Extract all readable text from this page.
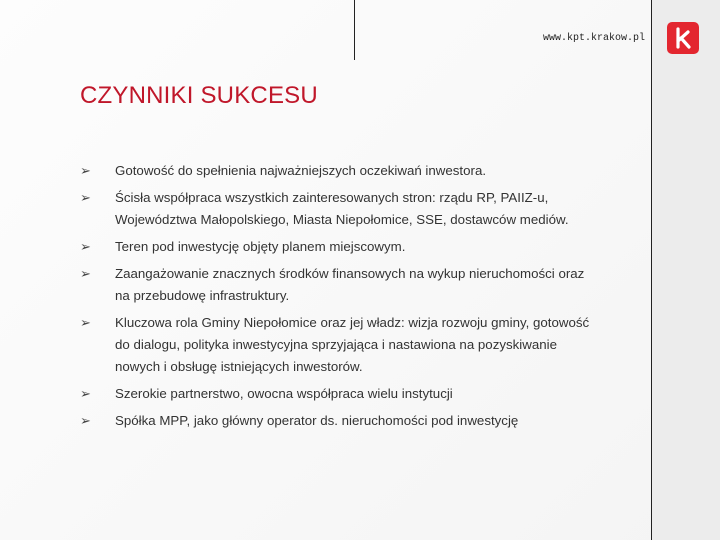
www.kpt.krakow.pl
CZYNNIKI SUKCESU
➢ Gotowość do spełnienia najważniejszych oczekiwań inwestora.
➢ Ścisła współpraca wszystkich zainteresowanych stron: rządu RP, PAIIZ-u, Województwa Małopolskiego, Miasta Niepołomice, SSE, dostawców mediów.
➢ Teren pod inwestycję objęty planem miejscowym.
➢ Zaangażowanie znacznych środków finansowych na wykup nieruchomości oraz na przebudowę infrastruktury.
➢ Kluczowa rola Gminy Niepołomice oraz jej władz: wizja rozwoju gminy, gotowość do dialogu, polityka inwestycyjna sprzyjająca i nastawiona na pozyskiwanie nowych i obsługę istniejących inwestorów.
➢ Szerokie partnerstwo, owocna współpraca wielu instytucji
➢ Spółka MPP, jako główny operator ds. nieruchomości pod inwestycję
